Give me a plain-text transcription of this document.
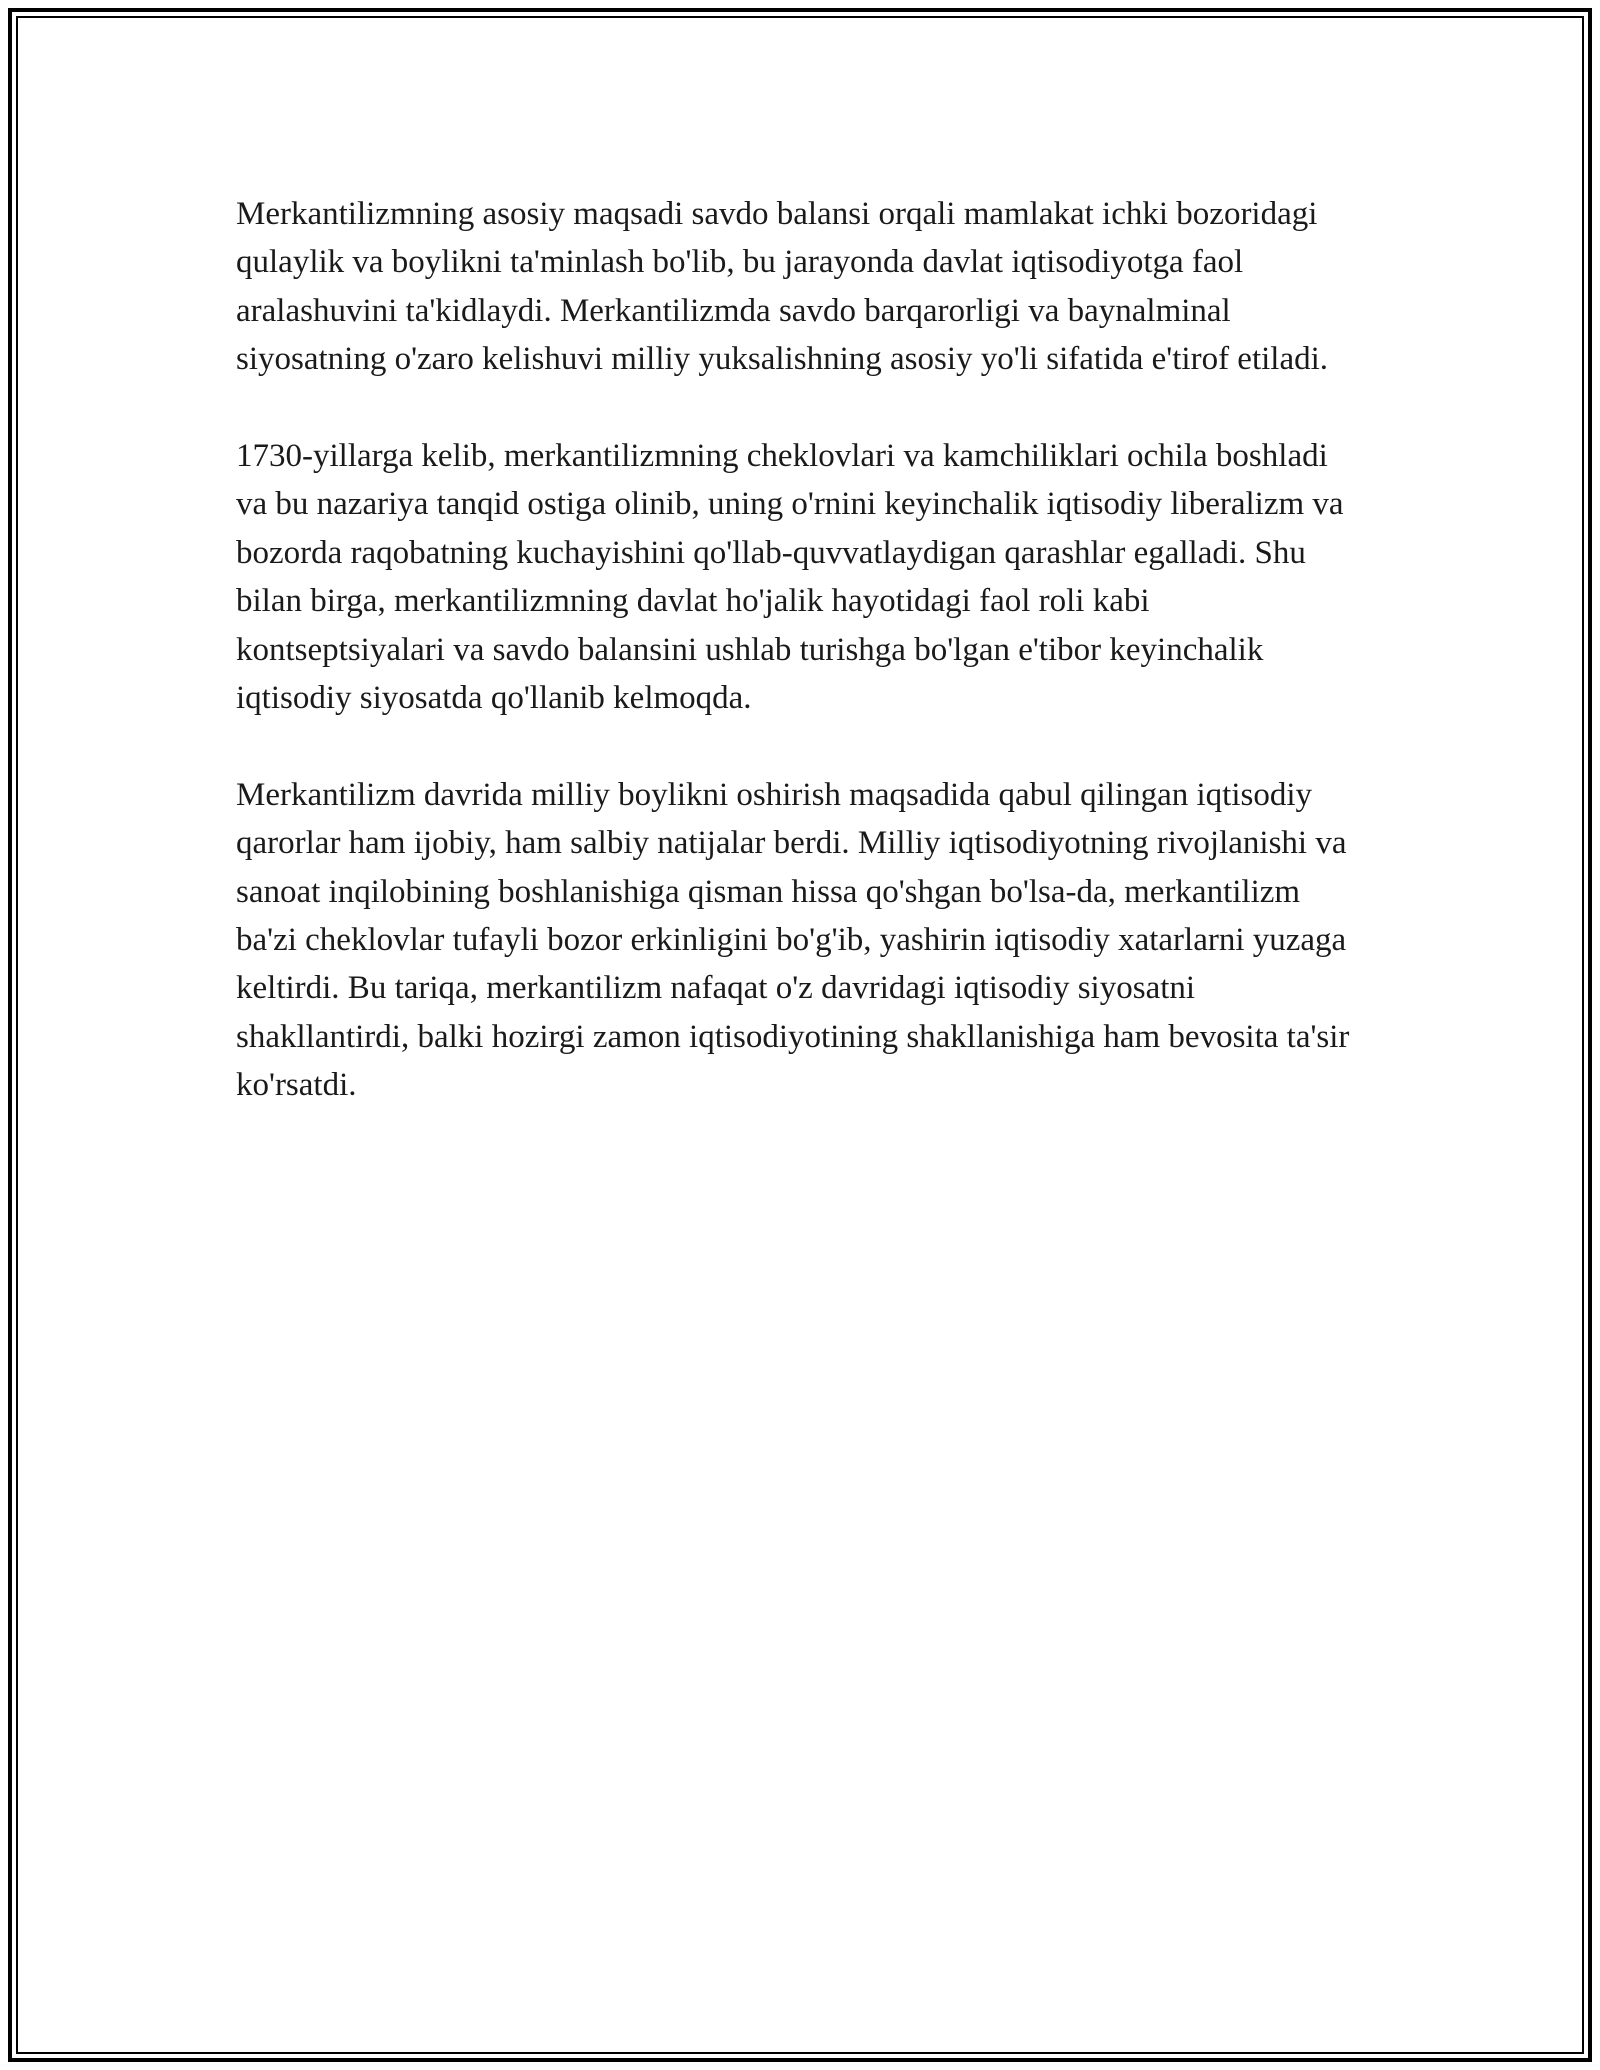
Merkantilizmning asosiy maqsadi savdo balansi orqali mamlakat ichki bozoridagi qulaylik va boylikni ta'minlash bo'lib, bu jarayonda davlat iqtisodiyotga faol aralashuvini ta'kidlaydi. Merkantilizmda savdo barqarorligi va baynalminal siyosatning o'zaro kelishuvi milliy yuksalishning asosiy yo'li sifatida e'tirof etiladi.

1730-yillarga kelib, merkantilizmning cheklovlari va kamchiliklari ochila boshladi va bu nazariya tanqid ostiga olinib, uning o'rnini keyinchalik iqtisodiy liberalizm va bozorda raqobatning kuchayishini qo'llab-quvvatlaydigan qarashlar egalladi. Shu bilan birga, merkantilizmning davlat ho'jalik hayotidagi faol roli kabi kontseptsiyalari va savdo balansini ushlab turishga bo'lgan e'tibor keyinchalik iqtisodiy siyosatda qo'llanib kelmoqda.

Merkantilizm davrida milliy boylikni oshirish maqsadida qabul qilingan iqtisodiy qarorlar ham ijobiy, ham salbiy natijalar berdi. Milliy iqtisodiyotning rivojlanishi va sanoat inqilobining boshlanishiga qisman hissa qo'shgan bo'lsa-da, merkantilizm ba'zi cheklovlar tufayli bozor erkinligini bo'g'ib, yashirin iqtisodiy xatarlarni yuzaga keltirdi. Bu tariqa, merkantilizm nafaqat o'z davridagi iqtisodiy siyosatni shakllantirdi, balki hozirgi zamon iqtisodiyotining shakllanishiga ham bevosita ta'sir ko'rsatdi.
